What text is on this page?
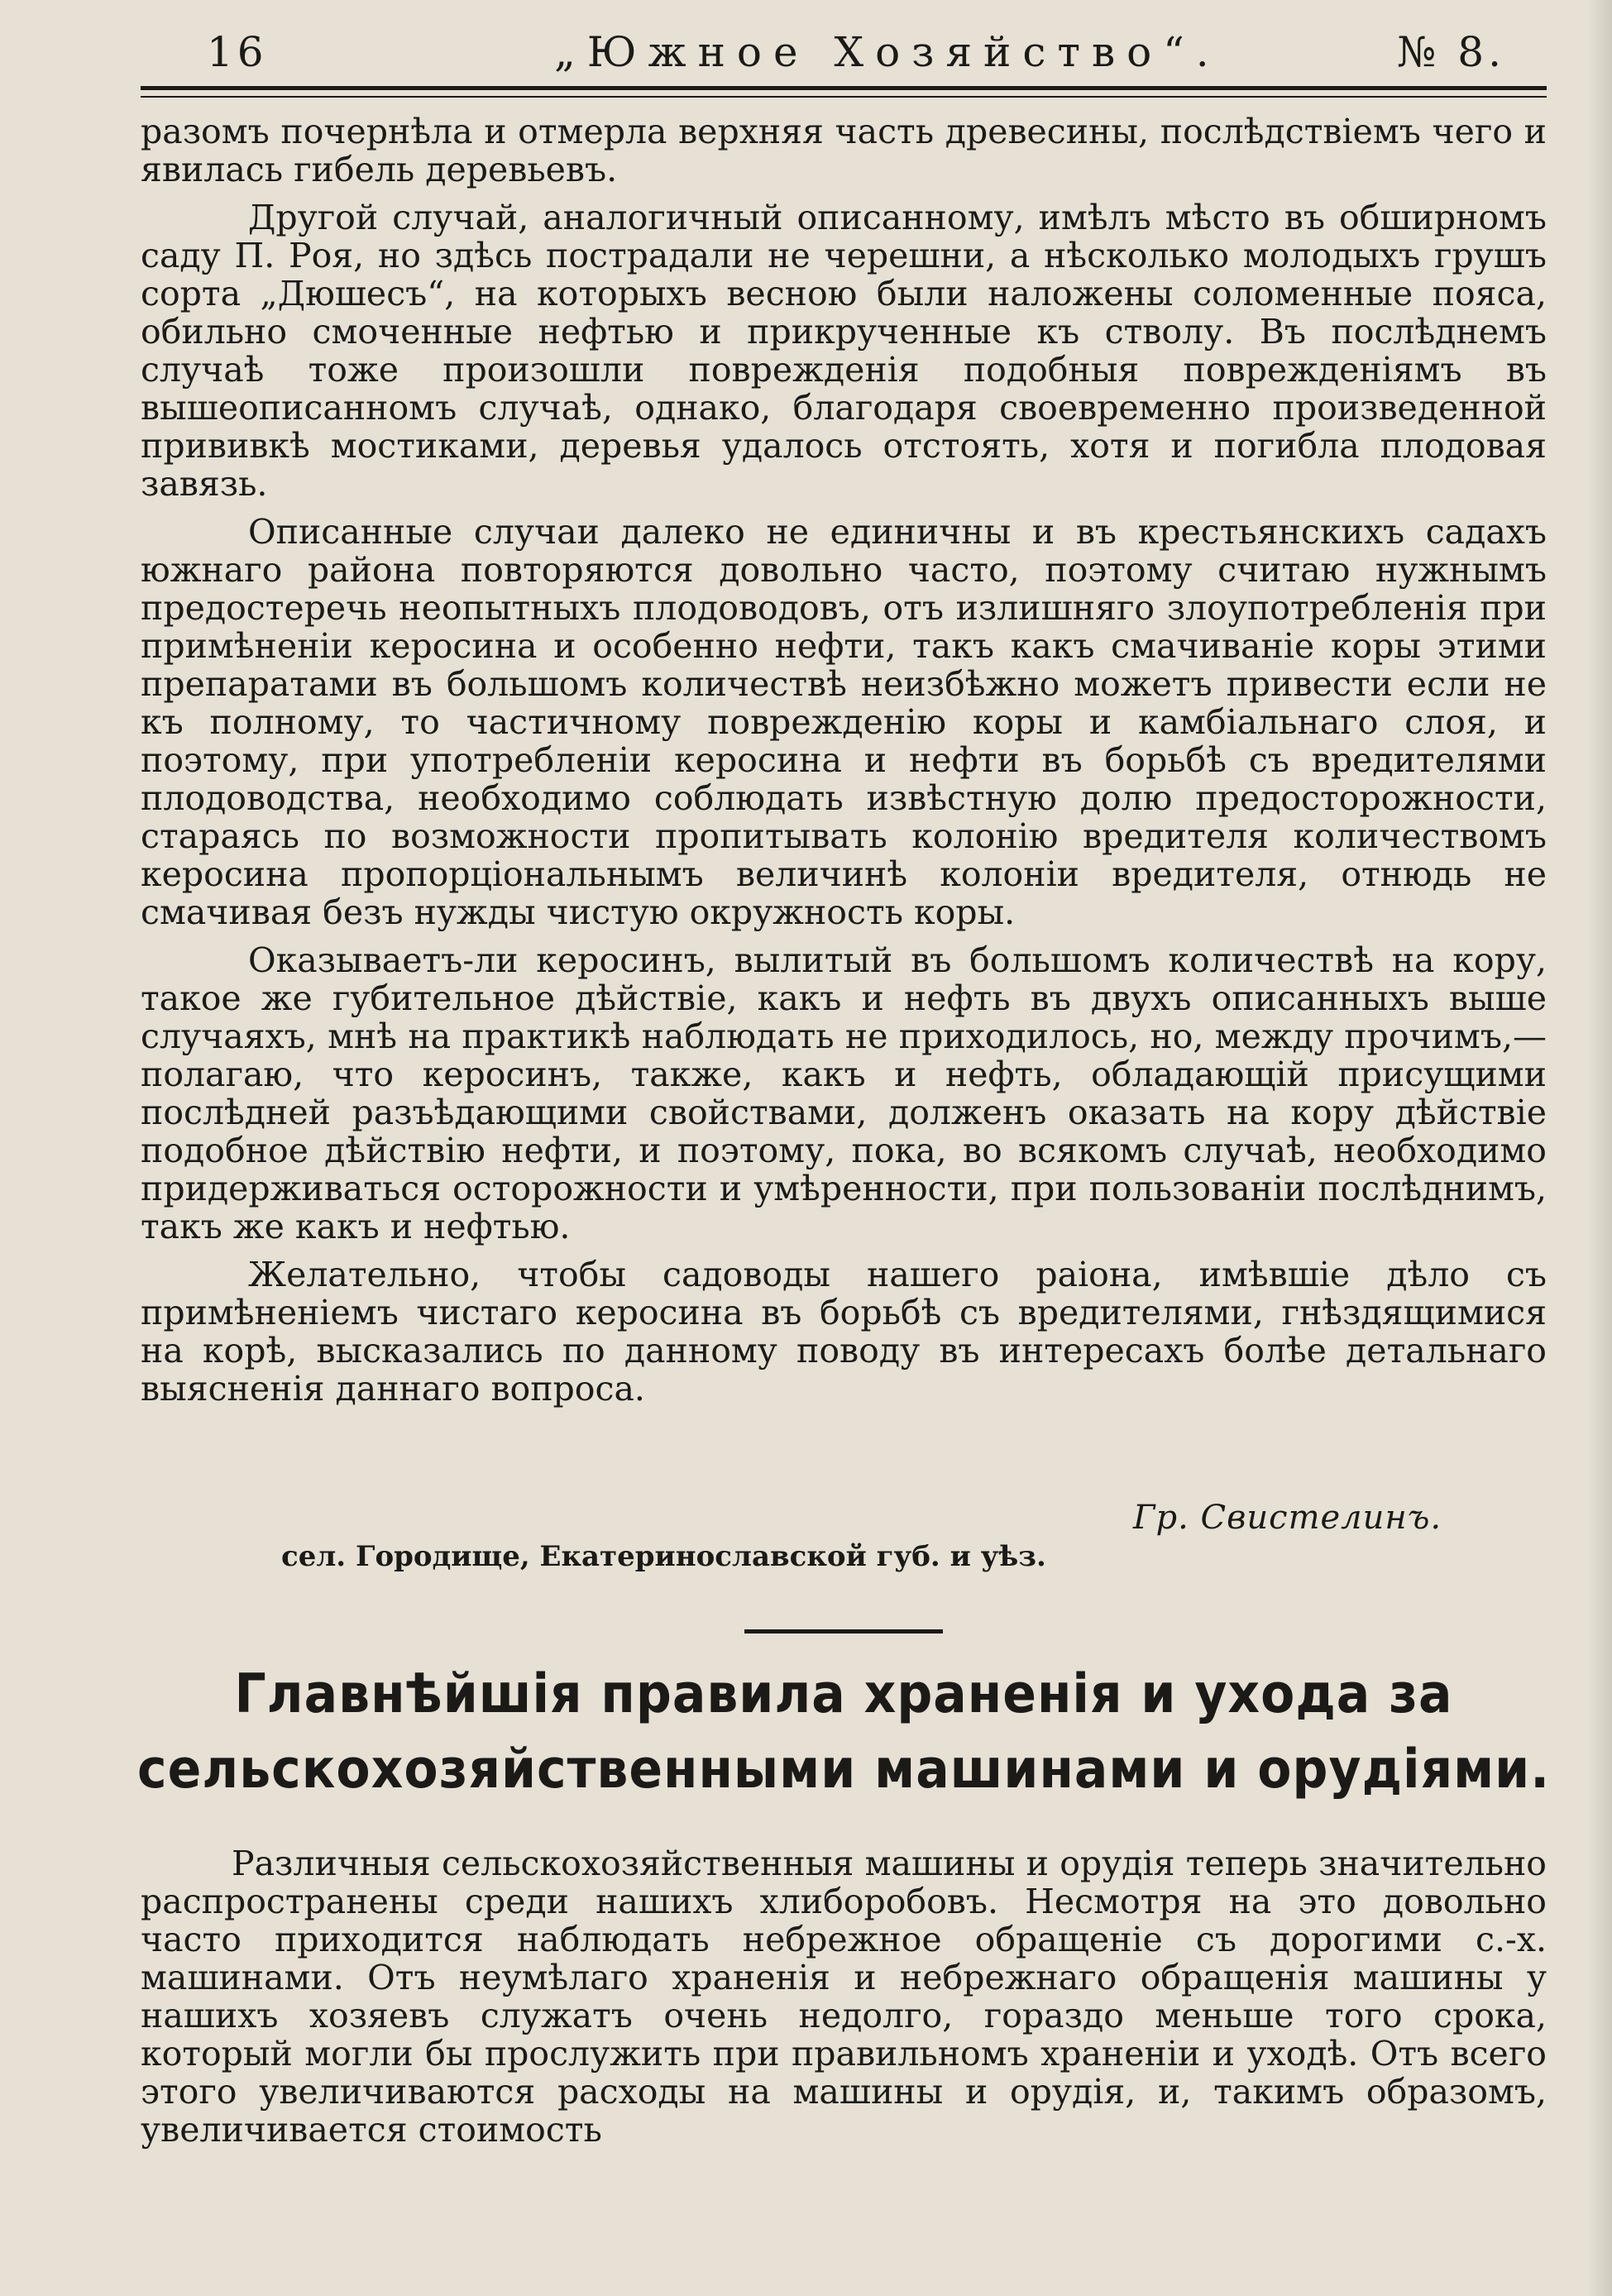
16	„Южное Хозяйство“.	№ 8.

разомъ почернѣла и отмерла верхняя часть древесины, послѣдствіемъ чего и явилась гибель деревьевъ.

Другой случай, аналогичный описанному, имѣлъ мѣсто въ обширномъ саду П. Роя, но здѣсь пострадали не черешни, а нѣсколько молодыхъ грушъ сорта „Дюшесъ“, на которыхъ весною были наложены соломенные пояса, обильно смоченные нефтью и прикрученные къ стволу. Въ послѣднемъ случаѣ тоже произошли поврежденія подобныя поврежденіямъ въ вышеописанномъ случаѣ, однако, благодаря своевременно произведенной прививкѣ мостиками, деревья удалось отстоять, хотя и погибла плодовая завязь.

Описанные случаи далеко не единичны и въ крестьянскихъ садахъ южнаго района повторяются довольно часто, поэтому считаю нужнымъ предостеречь неопытныхъ плодоводовъ, отъ излишняго злоупотребленія при примѣненіи керосина и особенно нефти, такъ какъ смачиваніе коры этими препаратами въ большомъ количествѣ неизбѣжно можетъ привести если не къ полному, то частичному поврежденію коры и камбіальнаго слоя, и поэтому, при употребленіи керосина и нефти въ борьбѣ съ вредителями плодоводства, необходимо соблюдать извѣстную долю предосторожности, стараясь по возможности пропитывать колонію вредителя количествомъ керосина пропорціональнымъ величинѣ колоніи вредителя, отнюдь не смачивая безъ нужды чистую окружность коры.

Оказываетъ-ли керосинъ, вылитый въ большомъ количествѣ на кору, такое же губительное дѣйствіе, какъ и нефть въ двухъ описанныхъ выше случаяхъ, мнѣ на практикѣ наблюдать не приходилось, но, между прочимъ,—полагаю, что керосинъ, также, какъ и нефть, обладающій присущими послѣдней разъѣдающими свойствами, долженъ оказать на кору дѣйствіе подобное дѣйствію нефти, и поэтому, пока, во всякомъ случаѣ, необходимо придерживаться осторожности и умѣренности, при пользованіи послѣднимъ, такъ же какъ и нефтью.

Желательно, чтобы садоводы нашего раіона, имѣвшіе дѣло съ примѣненіемъ чистаго керосина въ борьбѣ съ вредителями, гнѣздящимися на корѣ, высказались по данному поводу въ интересахъ болѣе детальнаго выясненія даннаго вопроса.

Гр. Свистелинъ.
сел. Городище, Екатеринославской губ. и уѣз.
Главнѣйшія правила храненія и ухода за сельскохозяйственными машинами и орудіями.

Различныя сельскохозяйственныя машины и орудія теперь значительно распространены среди нашихъ хлиборобовъ. Несмотря на это довольно часто приходится наблюдать небрежное обращеніе съ дорогими с.-х. машинами. Отъ неумѣлаго храненія и небрежнаго обращенія машины у нашихъ хозяевъ служатъ очень недолго, гораздо меньше того срока, который могли бы прослужить при правильномъ храненіи и уходѣ. Отъ всего этого увеличиваются расходы на машины и орудія, и, такимъ образомъ, увеличивается стоимость
